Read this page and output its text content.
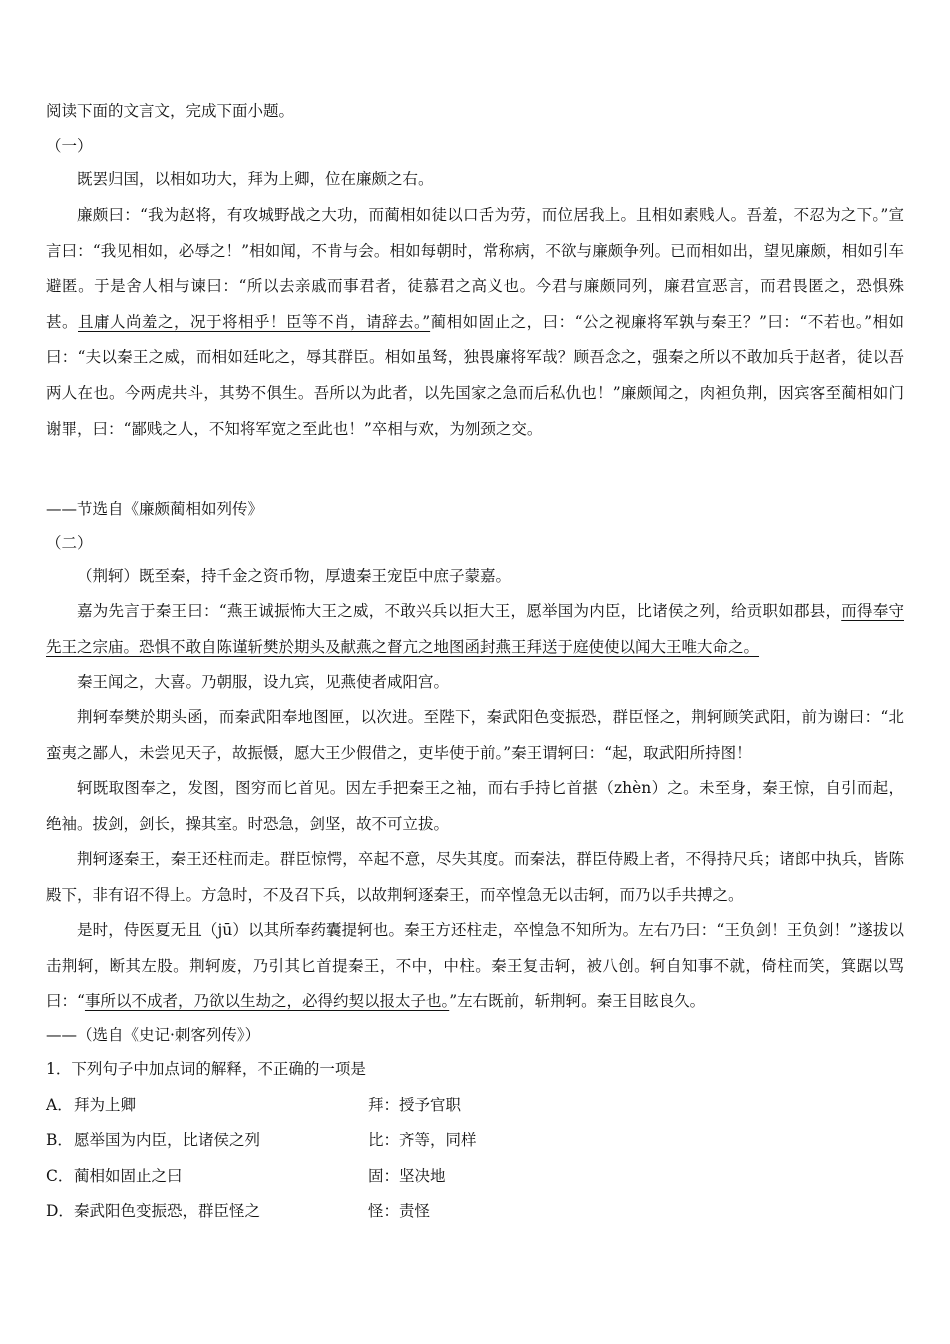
阅读下面的文言文，完成下面小题。
（一）
既罢归国，以相如功大，拜为上卿，位在廉颇之右。
廉颇曰：“我为赵将，有攻城野战之大功，而蔺相如徒以口舌为劳，而位居我上。且相如素贱人。吾羞，不忍为之下。”宣言曰：“我见相如，必辱之！”相如闻，不肯与会。相如每朝时，常称病，不欲与廉颇争列。已而相如出，望见廉颇，相如引车避匿。于是舍人相与谏曰：“所以去亲戚而事君者，徒慕君之高义也。今君与廉颇同列，廉君宣恶言，而君畏匿之，恐惧殊甚。且庸人尚羞之，况于将相乎！臣等不肖，请辞去。”蔺相如固止之，曰：“公之视廉将军孰与秦王？”曰：“不若也。”相如曰：“夫以秦王之威，而相如廷叱之，辱其群臣。相如虽驽，独畏廉将军哉？顾吾念之，强秦之所以不敢加兵于赵者，徒以吾两人在也。今两虎共斗，其势不俱生。吾所以为此者，以先国家之急而后私仇也！”廉颇闻之，肉袒负荆，因宾客至蔺相如门谢罪，曰：“鄙贱之人，不知将军宽之至此也！”卒相与欢，为刎颈之交。
——节选自《廉颇蔺相如列传》
（二）
（荆轲）既至秦，持千金之资币物，厚遗秦王宠臣中庶子蒙嘉。
嘉为先言于秦王曰：“燕王诚振怖大王之威，不敢兴兵以拒大王，愿举国为内臣，比诸侯之列，给贡职如郡县，而得奉守先王之宗庙。恐惧不敢自陈谨斩樊於期头及献燕之督亢之地图函封燕王拜送于庭使使以闻大王唯大命之。
秦王闻之，大喜。乃朝服，设九宾，见燕使者咸阳宫。
荆轲奉樊於期头函，而秦武阳奉地图匣，以次进。至陛下，秦武阳色变振恐，群臣怪之，荆轲顾笑武阳，前为谢曰：“北蛮夷之鄙人，未尝见天子，故振慑，愿大王少假借之，吏毕使于前。”秦王谓轲曰：“起，取武阳所持图！
轲既取图奉之，发图，图穷而匕首见。因左手把秦王之袖，而右手持匕首揕（zhèn）之。未至身，秦王惊，自引而起，绝袖。拔剑，剑长，操其室。时恐急，剑坚，故不可立拔。
荆轲逐秦王，秦王还柱而走。群臣惊愕，卒起不意，尽失其度。而秦法，群臣侍殿上者，不得持尺兵；诸郎中执兵，皆陈殿下，非有诏不得上。方急时，不及召下兵，以故荆轲逐秦王，而卒惶急无以击轲，而乃以手共搏之。
是时，侍医夏无且（jū）以其所奉药囊提轲也。秦王方还柱走，卒惶急不知所为。左右乃曰：“王负剑！王负剑！”遂拔以击荆轲，断其左股。荆轲废，乃引其匕首提秦王，不中，中柱。秦王复击轲，被八创。轲自知事不就，倚柱而笑，箕踞以骂曰：“事所以不成者，乃欲以生劫之，必得约契以报太子也。”左右既前，斩荆轲。秦王目眩良久。
——（选自《史记·刺客列传》）
1．下列句子中加点词的解释，不正确的一项是
A． 拜为上卿	拜：授予官职
B． 愿举国为内臣，比诸侯之列	比：齐等，同样
C． 蔺相如固止之曰	固：坚决地
D． 秦武阳色变振恐，群臣怪之	怪：责怪
